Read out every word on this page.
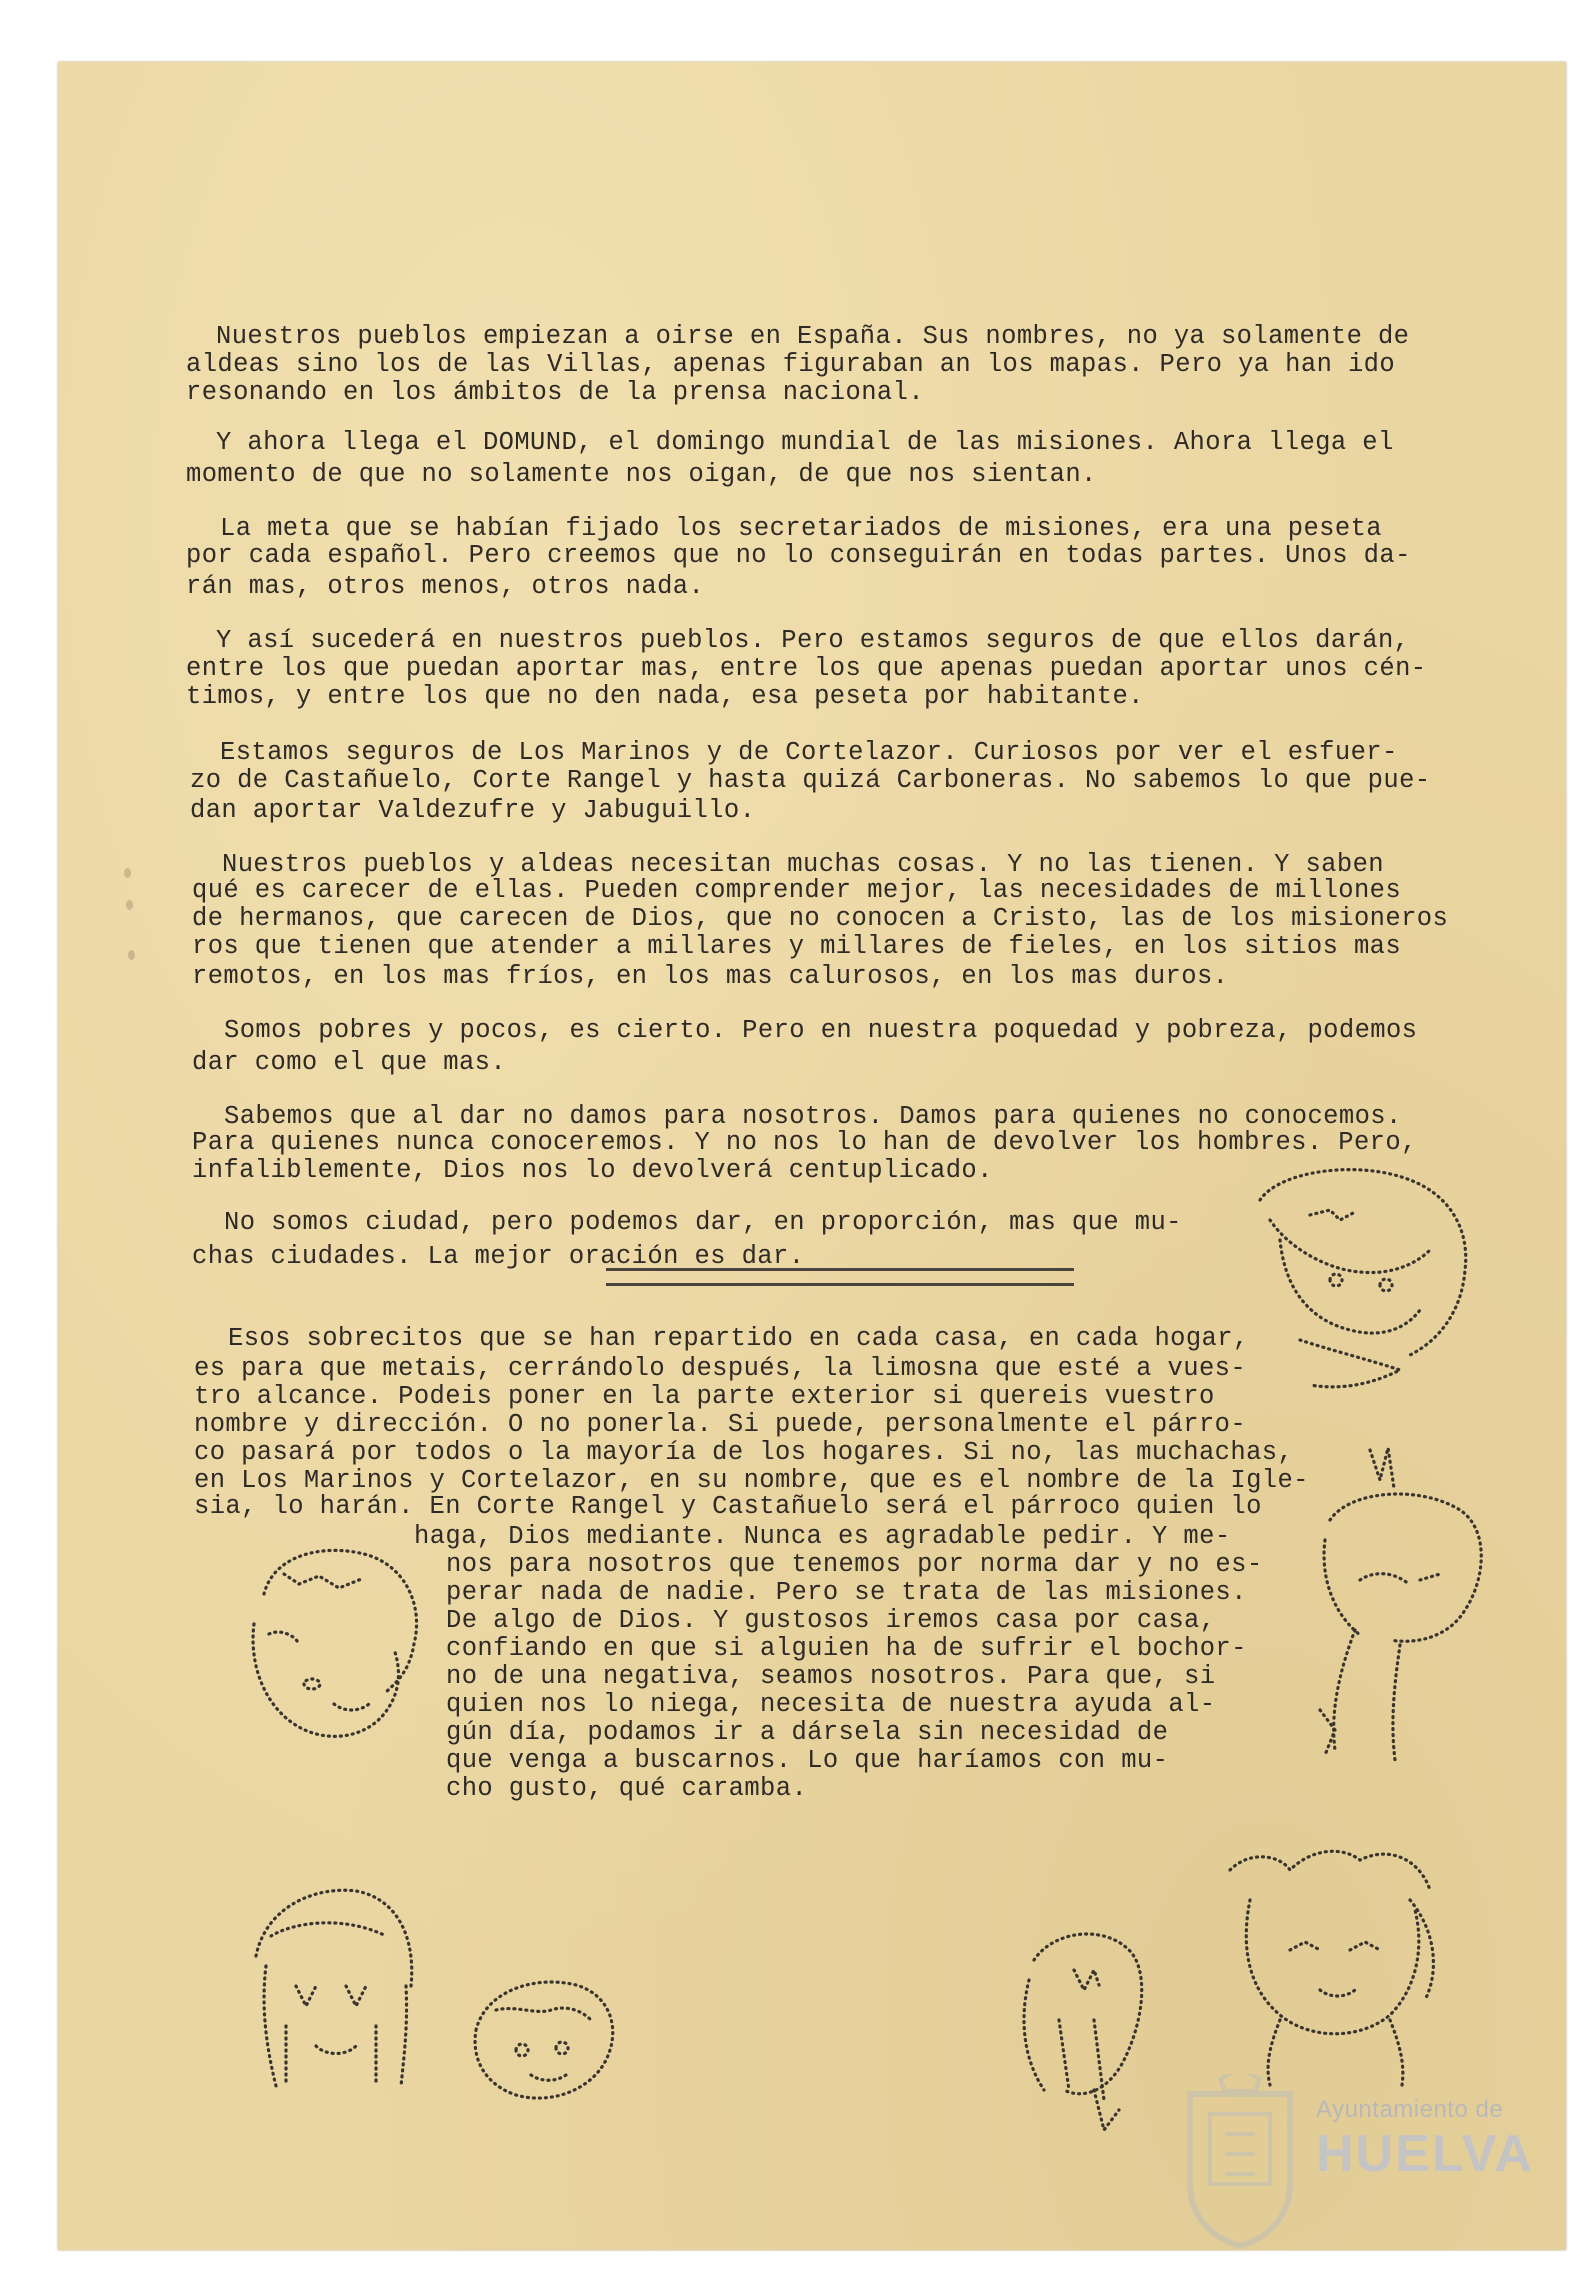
Nuestros pueblos empiezan a oirse en España. Sus nombres, no ya solamente de
aldeas sino los de las Villas, apenas figuraban an los mapas. Pero ya han ido
resonando en los ámbitos de la prensa nacional.
Y ahora llega el DOMUND, el domingo mundial de las misiones. Ahora llega el
momento de que no solamente nos oigan, de que nos sientan.
La meta que se habían fijado los secretariados de misiones, era una peseta
por cada español. Pero creemos que no lo conseguirán en todas partes. Unos da-
rán mas, otros menos, otros nada.
Y así sucederá en nuestros pueblos. Pero estamos seguros de que ellos darán,
entre los que puedan aportar mas, entre los que apenas puedan aportar unos cén-
timos, y entre los que no den nada, esa peseta por habitante.
Estamos seguros de Los Marinos y de Cortelazor. Curiosos por ver el esfuer-
zo de Castañuelo, Corte Rangel y hasta quizá Carboneras. No sabemos lo que pue-
dan aportar Valdezufre y Jabuguillo.
Nuestros pueblos y aldeas necesitan muchas cosas. Y no las tienen. Y saben
qué es carecer de ellas. Pueden comprender mejor, las necesidades de millones
de hermanos, que carecen de Dios, que no conocen a Cristo, las de los misioneros
ros que tienen que atender a millares y millares de fieles, en los sitios mas
remotos, en los mas fríos, en los mas calurosos, en los mas duros.
Somos pobres y pocos, es cierto. Pero en nuestra poquedad y pobreza, podemos
dar como el que mas.
Sabemos que al dar no damos para nosotros. Damos para quienes no conocemos.
Para quienes nunca conoceremos. Y no nos lo han de devolver los hombres. Pero,
infaliblemente, Dios nos lo devolverá centuplicado.
No somos ciudad, pero podemos dar, en proporción, mas que mu-
chas ciudades. La mejor oración es dar.
Esos sobrecitos que se han repartido en cada casa, en cada hogar,
es para que metais, cerrándolo después, la limosna que esté a vues-
tro alcance. Podeis poner en la parte exterior si quereis vuestro
nombre y dirección. O no ponerla. Si puede, personalmente el párro-
co pasará por todos o la mayoría de los hogares. Si no, las muchachas,
en Los Marinos y Cortelazor, en su nombre, que es el nombre de la Igle-
sia, lo harán. En Corte Rangel y Castañuelo será el párroco quien lo
haga, Dios mediante. Nunca es agradable pedir. Y me-
nos para nosotros que tenemos por norma dar y no es-
perar nada de nadie. Pero se trata de las misiones.
De algo de Dios. Y gustosos iremos casa por casa,
confiando en que si alguien ha de sufrir el bochor-
no de una negativa, seamos nosotros. Para que, si
quien nos lo niega, necesita de nuestra ayuda al-
gún día, podamos ir a dársela sin necesidad de
que venga a buscarnos. Lo que haríamos con mu-
cho gusto, qué caramba.
Ayuntamiento de
HUELVA
